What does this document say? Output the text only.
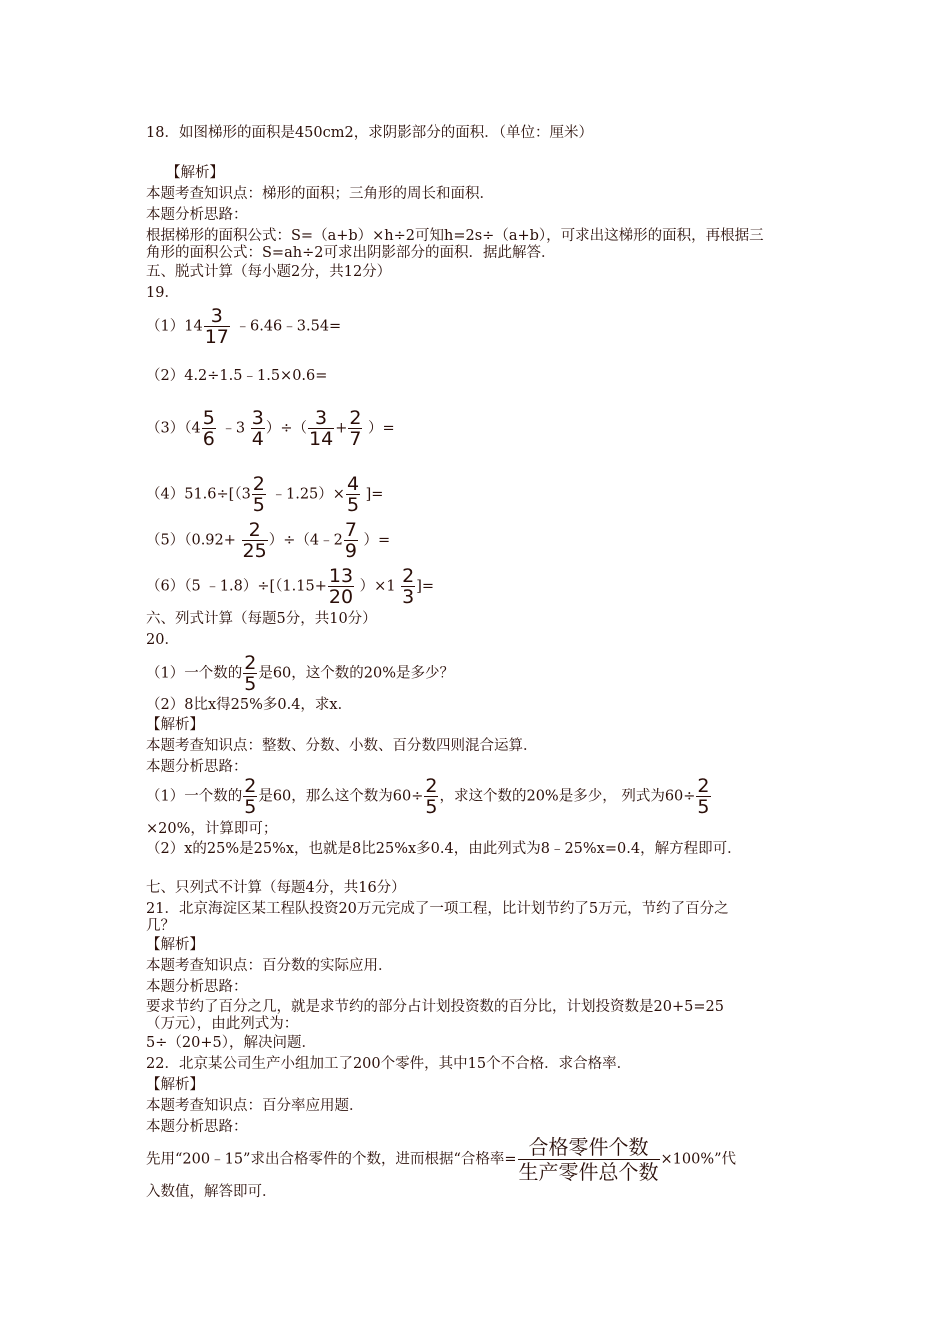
18．如图梯形的面积是450cm2，求阴影部分的面积．（单位：厘米）
【解析】
本题考查知识点：梯形的面积；三角形的周长和面积．
本题分析思路：
根据梯形的面积公式：S=（a+b）×h÷2可知h=2s÷（a+b），可求出这梯形的面积，再根据三
角形的面积公式：S=ah÷2可求出阴影部分的面积．据此解答．
五、脱式计算（每小题2分，共12分）
19．
$(1)14 \frac{3}{17}$ ﹣6.46﹣3.54=
（2）4.2÷1.5﹣1.5×0.6=
$(3)(4 \frac{5}{6}$ ﹣3 $\frac{3}{4}$ ）÷（ $\frac{3}{14} + \frac{2}{7}$ ）=
$(4)51.6\div[(3 \frac{2}{5}$ ﹣1.25）× $\frac{4}{5}$ ]=
$(5)(0.92+ \frac{2}{25}$ ）÷（4﹣2 $\frac{7}{9}$ ）=
（6）（5 ﹣1.8）÷[（1.15+ $\frac{13}{20} )\times 1 \frac{2}{3}$ ]=
六、列式计算（每题5分，共10分）
20．
（1）一个数的 $\frac{2}{5}$ 是60，这个数的20%是多少？
（2）8比x得25%多0.4，求x．
【解析】
本题考查知识点：整数、分数、小数、百分数四则混合运算．
本题分析思路：
（1）一个数的 $\frac{2}{5}$ 是60，那么这个数为$60\div \frac{2}{5}$ ，求这个数的20%是多少， 列式为$60\div \frac{2}{5}$
×20%，计算即可；
（2）x的25%是25%x，也就是8比25%x多0.4，由此列式为8﹣25%x=0.4，解方程即可．
七、只列式不计算（每题4分，共16分）
21．北京海淀区某工程队投资20万元完成了一项工程，比计划节约了5万元，节约了百分之
几？
【解析】
本题考查知识点：百分数的实际应用．
本题分析思路：
要求节约了百分之几，就是求节约的部分占计划投资数的百分比，计划投资数是20+5=25
（万元），由此列式为：
5÷（20+5），解决问题．
22．北京某公司生产小组加工了200个零件，其中15个不合格．求合格率．
【解析】
本题考查知识点：百分率应用题．
本题分析思路：
先用“200﹣15”求出合格零件的个数，进而根据“合格率= $\frac{\text{合格零件个数}}{\text{生产零件总个数}} \times 100\%$”代
入数值，解答即可．
